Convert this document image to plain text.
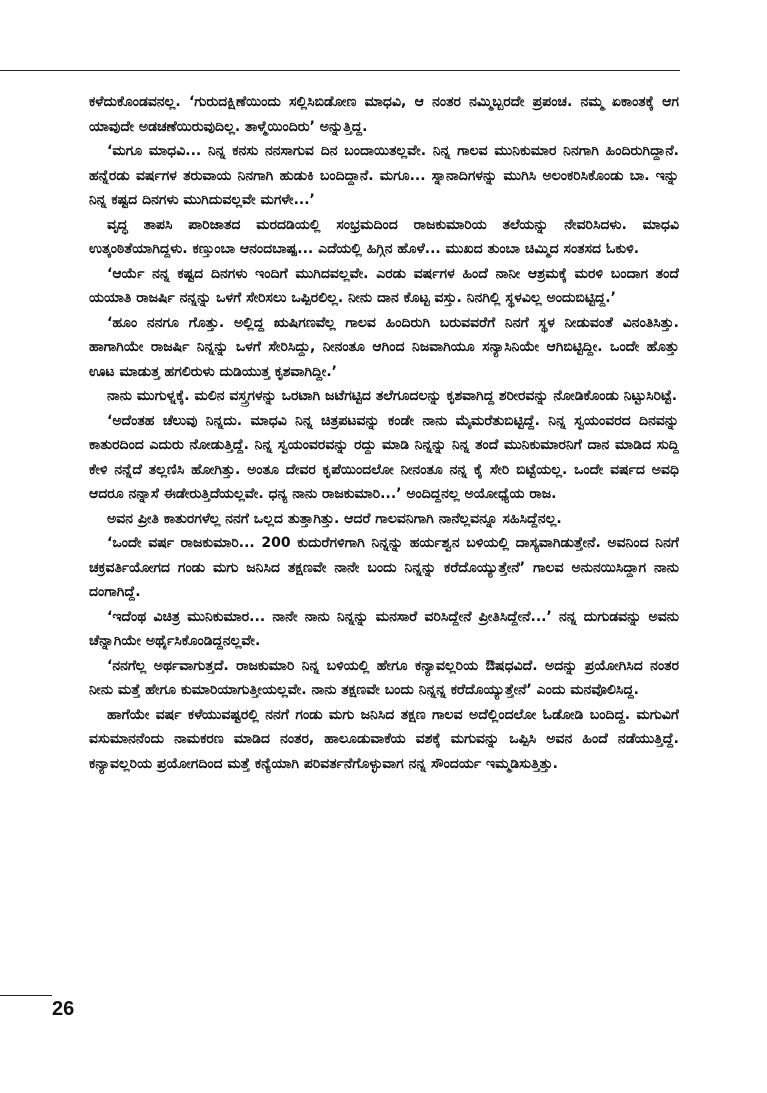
ಕಳೆದುಕೊಂಡವನಲ್ಲ. ‘ಗುರುದಕ್ಷಿಣೆಯಿಂದು ಸಲ್ಲಿಸಿಬಿಡೋಣ ಮಾಧವಿ, ಆ ನಂತರ ನಮ್ಮಿಬ್ಬರದೇ ಪ್ರಪಂಚ. ನಮ್ಮ ಏಕಾಂತಕ್ಕೆ ಆಗ ಯಾವುದೇ ಅಡಚಣೆಯಿರುವುದಿಲ್ಲ. ತಾಳ್ಮೆಯಿಂದಿರು’ ಅನ್ನುತ್ತಿದ್ದ.

‘ಮಗೂ ಮಾಧವಿ... ನಿನ್ನ ಕನಸು ನನಸಾಗುವ ದಿನ ಬಂದಾಯಿತಲ್ಲವೇ. ನಿನ್ನ ಗಾಲವ ಮುನಿಕುಮಾರ ನಿನಗಾಗಿ ಹಿಂದಿರುಗಿದ್ದಾನೆ. ಹನ್ನೆರಡು ವರ್ಷಗಳ ತರುವಾಯ ನಿನಗಾಗಿ ಹುಡುಕಿ ಬಂದಿದ್ದಾನೆ. ಮಗೂ... ಸ್ನಾನಾದಿಗಳನ್ನು ಮುಗಿಸಿ ಅಲಂಕರಿಸಿಕೊಂಡು ಬಾ. ಇನ್ನು ನಿನ್ನ ಕಷ್ಟದ ದಿನಗಳು ಮುಗಿದುವಲ್ಲವೇ ಮಗಳೇ...’

ವೃದ್ಧ ತಾಪಸಿ ಪಾರಿಜಾತದ ಮರದಡಿಯಲ್ಲಿ ಸಂಭ್ರಮದಿಂದ ರಾಜಕುಮಾರಿಯ ತಲೆಯನ್ನು ನೇವರಿಸಿದಳು. ಮಾಧವಿ ಉತ್ಕಂಠಿತೆಯಾಗಿದ್ದಳು. ಕಣ್ತುಂಬಾ ಆನಂದಬಾಷ್ಪ... ಎದೆಯಲ್ಲಿ ಹಿಗ್ಗಿನ ಹೊಳೆ... ಮುಖದ ತುಂಬಾ ಚಿಮ್ಮಿದ ಸಂತಸದ ಓಕುಳಿ.

‘ಆರ್ಯೆ ನನ್ನ ಕಷ್ಟದ ದಿನಗಳು ಇಂದಿಗೆ ಮುಗಿದವಲ್ಲವೇ. ಎರಡು ವರ್ಷಗಳ ಹಿಂದೆ ನಾನೀ ಆಶ್ರಮಕ್ಕೆ ಮರಳಿ ಬಂದಾಗ ತಂದೆ ಯಯಾತಿ ರಾಜರ್ಷಿ ನನ್ನನ್ನು ಒಳಗೆ ಸೇರಿಸಲು ಒಪ್ಪಿರಲಿಲ್ಲ. ನೀನು ದಾನ ಕೊಟ್ಟ ವಸ್ತು. ನಿನಗಿಲ್ಲಿ ಸ್ಥಳವಿಲ್ಲ ಅಂದುಬಿಟ್ಟಿದ್ದ.’

‘ಹೂಂ ನನಗೂ ಗೊತ್ತು. ಅಲ್ಲಿದ್ದ ಋಷಿಗಣವೆಲ್ಲ ಗಾಲವ ಹಿಂದಿರುಗಿ ಬರುವವರೆಗೆ ನಿನಗೆ ಸ್ಥಳ ನೀಡುವಂತೆ ವಿನಂತಿಸಿತ್ತು. ಹಾಗಾಗಿಯೇ ರಾಜರ್ಷಿ ನಿನ್ನನ್ನು ಒಳಗೆ ಸೇರಿಸಿದ್ದು, ನೀನಂತೂ ಆಗಿಂದ ನಿಜವಾಗಿಯೂ ಸನ್ಯಾಸಿನಿಯೇ ಆಗಿಬಿಟ್ಟಿದ್ದೀ. ಒಂದೇ ಹೊತ್ತು ಊಟ ಮಾಡುತ್ತ ಹಗಲಿರುಳು ದುಡಿಯುತ್ತ ಕೃಶವಾಗಿದ್ದೀ.’

ನಾನು ಮುಗುಳ್ನಕ್ಕೆ. ಮಲಿನ ವಸ್ತ್ರಗಳನ್ನು ಒರಟಾಗಿ ಜಟೆಗಟ್ಟಿದ ತಲೆಗೂದಲನ್ನು ಕೃಶವಾಗಿದ್ದ ಶರೀರವನ್ನು ನೋಡಿಕೊಂಡು ನಿಟ್ಟುಸಿರಿಟ್ಟೆ.

‘ಅದೆಂತಹ ಚೆಲುವು ನಿನ್ನದು. ಮಾಧವಿ ನಿನ್ನ ಚಿತ್ರಪಟವನ್ನು ಕಂಡೇ ನಾನು ಮೈಮರೆತುಬಿಟ್ಟಿದ್ದೆ. ನಿನ್ನ ಸ್ವಯಂವರದ ದಿನವನ್ನು ಕಾತುರದಿಂದ ಎದುರು ನೋಡುತ್ತಿದ್ದೆ. ನಿನ್ನ ಸ್ವಯಂವರವನ್ನು ರದ್ದು ಮಾಡಿ ನಿನ್ನನ್ನು ನಿನ್ನ ತಂದೆ ಮುನಿಕುಮಾರನಿಗೆ ದಾನ ಮಾಡಿದ ಸುದ್ದಿ ಕೇಳಿ ನನ್ನೆದೆ ತಲ್ಲಣಿಸಿ ಹೋಗಿತ್ತು. ಅಂತೂ ದೇವರ ಕೃಪೆಯಿಂದಲೋ ನೀನಂತೂ ನನ್ನ ಕೈ ಸೇರಿ ಬಿಟ್ಟೆಯಲ್ಲ. ಒಂದೇ ವರ್ಷದ ಅವಧಿ ಆದರೂ ನನ್ನಾಸೆ ಈಡೇರುತ್ತಿದೆಯಲ್ಲವೇ. ಧನ್ಯ ನಾನು ರಾಜಕುಮಾರಿ...’ ಅಂದಿದ್ದನಲ್ಲ ಅಯೋಧ್ಯೆಯ ರಾಜ.

ಅವನ ಪ್ರೀತಿ ಕಾತುರಗಳೆಲ್ಲ ನನಗೆ ಒಲ್ಲದ ತುತ್ತಾಗಿತ್ತು. ಆದರೆ ಗಾಲವನಿಗಾಗಿ ನಾನೆಲ್ಲವನ್ನೂ ಸಹಿಸಿದ್ದೆನಲ್ಲ.

‘ಒಂದೇ ವರ್ಷ ರಾಜಕುಮಾರಿ... 200 ಕುದುರೆಗಳಿಗಾಗಿ ನಿನ್ನನ್ನು ಹರ್ಯಶ್ವನ ಬಳಿಯಲ್ಲಿ ದಾಸ್ಯವಾಗಿಡುತ್ತೇನೆ. ಅವನಿಂದ ನಿನಗೆ ಚಕ್ರವರ್ತಿಯೋಗದ ಗಂಡು ಮಗು ಜನಿಸಿದ ತಕ್ಷಣವೇ ನಾನೇ ಬಂದು ನಿನ್ನನ್ನು ಕರೆದೊಯ್ಯುತ್ತೇನೆ’ ಗಾಲವ ಅನುನಯಿಸಿದ್ದಾಗ ನಾನು ದಂಗಾಗಿದ್ದೆ.

‘ಇದೆಂಥ ವಿಚಿತ್ರ ಮುನಿಕುಮಾರ... ನಾನೇ ನಾನು ನಿನ್ನನ್ನು ಮನಸಾರೆ ವರಿಸಿದ್ದೇನೆ ಪ್ರೀತಿಸಿದ್ದೇನೆ...’ ನನ್ನ ದುಗುಡವನ್ನು ಅವನು ಚೆನ್ನಾಗಿಯೇ ಅರ್ಥೈಸಿಕೊಂಡಿದ್ದನಲ್ಲವೇ.

‘ನನಗೆಲ್ಲ ಅರ್ಥವಾಗುತ್ತದೆ. ರಾಜಕುಮಾರಿ ನಿನ್ನ ಬಳಿಯಲ್ಲಿ ಹೇಗೂ ಕನ್ಯಾವಲ್ಲರಿಯ ಔಷಧವಿದೆ. ಅದನ್ನು ಪ್ರಯೋಗಿಸಿದ ನಂತರ ನೀನು ಮತ್ತೆ ಹೇಗೂ ಕುಮಾರಿಯಾಗುತ್ತೀಯಲ್ಲವೇ. ನಾನು ತಕ್ಷಣವೇ ಬಂದು ನಿನ್ನನ್ನ ಕರೆದೊಯ್ಯುತ್ತೇನೆ’ ಎಂದು ಮನವೊಲಿಸಿದ್ದ.

ಹಾಗೆಯೇ ವರ್ಷ ಕಳೆಯುವಷ್ಟರಲ್ಲಿ ನನಗೆ ಗಂಡು ಮಗು ಜನಿಸಿದ ತಕ್ಷಣ ಗಾಲವ ಅದೆಲ್ಲಿಂದಲೋ ಓಡೋಡಿ ಬಂದಿದ್ದ. ಮಗುವಿಗೆ ವಸುಮಾನನೆಂದು ನಾಮಕರಣ ಮಾಡಿದ ನಂತರ, ಹಾಲೂಡುವಾಕೆಯ ವಶಕ್ಕೆ ಮಗುವನ್ನು ಒಪ್ಪಿಸಿ ಅವನ ಹಿಂದೆ ನಡೆಯುತ್ತಿದ್ದೆ. ಕನ್ಯಾವಲ್ಲರಿಯ ಪ್ರಯೋಗದಿಂದ ಮತ್ತೆ ಕನ್ಯೆಯಾಗಿ ಪರಿವರ್ತನೆಗೊಳ್ಳುವಾಗ ನನ್ನ ಸೌಂದರ್ಯ ಇಮ್ಮಡಿಸುತ್ತಿತ್ತು.

26
